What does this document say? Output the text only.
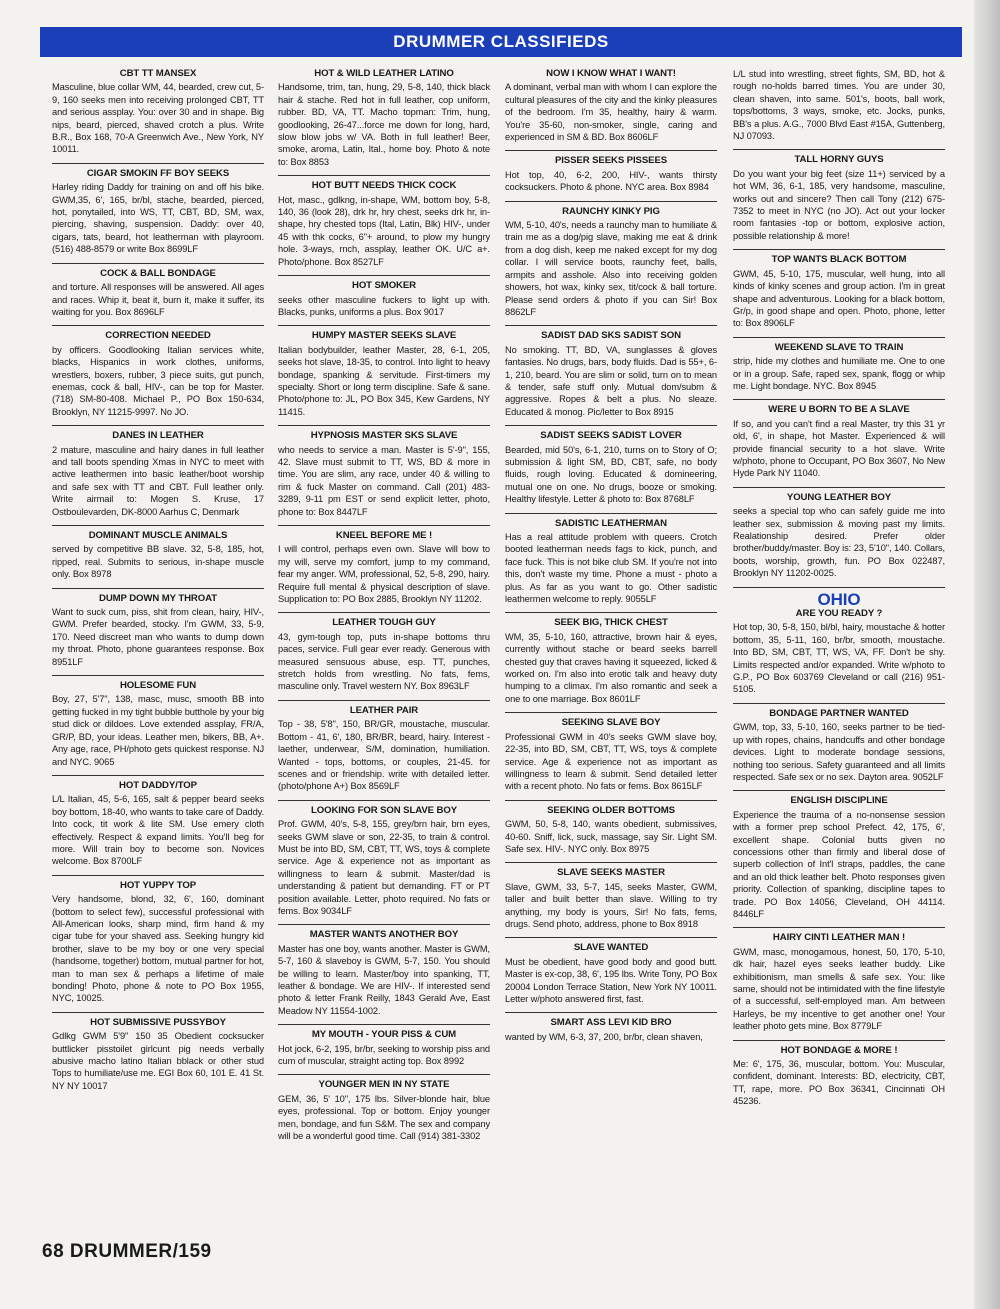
DRUMMER CLASSIFIEDS
CBT TT MANSEX
Masculine, blue collar WM, 44, bearded, crew cut, 5-9, 160 seeks men into receiving prolonged CBT, TT and serious assplay. You: over 30 and in shape. Big nips, beard, pierced, shaved crotch a plus. Write B.R., Box 168, 70-A Greenwich Ave., New York, NY 10011.
CIGAR SMOKIN FF BOY SEEKS
Harley riding Daddy for training on and off his bike. GWM,35, 6', 165, br/bl, stache, bearded, pierced, hot, ponytailed, into WS, TT, CBT, BD, SM, wax, piercing, shaving, suspension. Daddy: over 40, cigars, tats, beard, hot leatherman with playroom. (516) 488-8579 or write Box 8699LF
COCK & BALL BONDAGE
and torture. All responses will be answered. All ages and races. Whip it, beat it, burn it, make it suffer, its waiting for you. Box 8696LF
CORRECTION NEEDED
by officers. Goodlooking Italian services white, blacks, Hispanics in work clothes, uniforms, wrestlers, boxers, rubber, 3 piece suits, gut punch, enemas, cock & ball, HIV-, can be top for Master. (718) SM-80-408. Michael P., PO Box 150-634, Brooklyn, NY 11215-9997. No JO.
DANES IN LEATHER
2 mature, masculine and hairy danes in full leather and tall boots spending Xmas in NYC to meet with active leathermen into basic leather/boot worship and safe sex with TT and CBT. Full leather only. Write airmail to: Mogen S. Kruse, 17 Ostboulevarden, DK-8000 Aarhus C, Denmark
DOMINANT MUSCLE ANIMALS
served by competitive BB slave. 32, 5-8, 185, hot, ripped, real. Submits to serious, in-shape muscle only. Box 8978
DUMP DOWN MY THROAT
Want to suck cum, piss, shit from clean, hairy, HIV-, GWM. Prefer bearded, stocky. I'm GWM, 33, 5-9, 170. Need discreet man who wants to dump down my throat. Photo, phone guarantees response. Box 8951LF
HOLESOME FUN
Boy, 27, 5'7", 138, masc, musc, smooth BB into getting fucked in my tight bubble butthole by your big stud dick or dildoes. Love extended assplay, FR/A, GR/P, BD, your ideas. Leather men, bikers, BB, A+. Any age, race, PH/photo gets quickest response. NJ and NYC. 9065
HOT DADDY/TOP
L/L Italian, 45, 5-6, 165, salt & pepper beard seeks boy bottom, 18-40, who wants to take care of Daddy. Into cock, tit work & lite SM. Use emery cloth effectively. Respect & expand limits. You'll beg for more. Will train boy to become son. Novices welcome. Box 8700LF
HOT YUPPY TOP
Very handsome, blond, 32, 6', 160, dominant (bottom to select few), successful professional with All-American looks, sharp mind, firm hand & my cigar tube for your shaved ass. Seeking hungry kid brother, slave to be my boy or one very special (handsome, together) bottom, mutual partner for hot, man to man sex & perhaps a lifetime of male bonding! Photo, phone & note to PO Box 1955, NYC, 10025.
HOT SUBMISSIVE PUSSYBOY
Gdlkg GWM 5'9" 150 35 Obedient cocksucker buttlicker pisstoilet girlcunt pig needs verbally abusive macho latino Italian bblack or other stud Tops to humiliate/use me. EGI Box 60, 101 E. 41 St. NY NY 10017
HOT & WILD LEATHER LATINO
Handsome, trim, tan, hung, 29, 5-8, 140, thick black hair & stache. Red hot in full leather, cop uniform, rubber. BD, VA, TT. Macho topman: Trim, hung, goodlooking, 26-47...force me down for long, hard, slow blow jobs w/ VA. Both in full leather! Beer, smoke, aroma, Latin, Ital., home boy. Photo & note to: Box 8853
HOT BUTT NEEDS THICK COCK
Hot, masc., gdlkng, in-shape, WM, bottom boy, 5-8, 140, 36 (look 28), drk hr, hry chest, seeks drk hr, in-shape, hry chested tops (Ital, Latin, Blk) HIV-, under 45 with thk cocks, 6"+ around, to plow my hungry hole. 3-ways, rnch, assplay, leather OK. U/C a+. Photo/phone. Box 8527LF
HOT SMOKER
seeks other masculine fuckers to light up with. Blacks, punks, uniforms a plus. Box 9017
HUMPY MASTER SEEKS SLAVE
Italian bodybuilder, leather Master, 28, 6-1, 205, seeks hot slave, 18-35, to control. Into light to heavy bondage, spanking & servitude. First-timers my specialty. Short or long term discipline. Safe & sane. Photo/phone to: JL, PO Box 345, Kew Gardens, NY 11415.
HYPNOSIS MASTER SKS SLAVE
who needs to service a man. Master is 5'-9", 155, 42. Slave must submit to TT, WS, BD & more in time. You are slim, any race, under 40 & willing to rim & fuck Master on command. Call (201) 483-3289, 9-11 pm EST or send explicit letter, photo, phone to: Box 8447LF
KNEEL BEFORE ME !
I will control, perhaps even own. Slave will bow to my will, serve my comfort, jump to my command, fear my anger. WM, professional, 52, 5-8, 290, hairy. Require full mental & physical description of slave. Supplication to: PO Box 2885, Brooklyn NY 11202.
LEATHER TOUGH GUY
43, gym-tough top, puts in-shape bottoms thru paces, service. Full gear ever ready. Generous with measured sensuous abuse, esp. TT, punches, stretch holds from wrestling. No fats, fems, masculine only. Travel western NY. Box 8963LF
LEATHER PAIR
Top - 38, 5'8", 150, BR/GR, moustache, muscular. Bottom - 41, 6', 180, BR/BR, beard, hairy. Interest - laether, underwear, S/M, domination, humiliation. Wanted - tops, bottoms, or couples, 21-45. for scenes and or friendship. write with detailed letter. (photo/phone A+) Box 8569LF
LOOKING FOR SON SLAVE BOY
Prof. GWM, 40's, 5-8, 155, grey/brn hair, brn eyes, seeks GWM slave or son, 22-35, to train & control. Must be into BD, SM, CBT, TT, WS, toys & complete service. Age & experience not as important as willingness to learn & submit. Master/dad is understanding & patient but demanding. FT or PT position available. Letter, photo required. No fats or fems. Box 9034LF
MASTER WANTS ANOTHER BOY
Master has one boy, wants another. Master is GWM, 5-7, 160 & slaveboy is GWM, 5-7, 150. You should be willing to learn. Master/boy into spanking, TT, leather & bondage. We are HIV-. If interested send photo & letter Frank Reilly, 1843 Gerald Ave, East Meadow NY 11554-1002.
MY MOUTH - YOUR PISS & CUM
Hot jock, 6-2, 195, br/br, seeking to worship piss and cum of muscular, straight acting top. Box 8992
YOUNGER MEN IN NY STATE
GEM, 36, 5' 10", 175 lbs. Silver-blonde hair, blue eyes, professional. Top or bottom. Enjoy younger men, bondage, and fun S&M. The sex and company will be a wonderful good time. Call (914) 381-3302
NOW I KNOW WHAT I WANT!
A dominant, verbal man with whom I can explore the cultural pleasures of the city and the kinky pleasures of the bedroom. I'm 35, healthy, hairy & warm. You're 35-60, non-smoker, single, caring and experienced in SM & BD. Box 8606LF
PISSER SEEKS PISSEES
Hot top, 40, 6-2, 200, HIV-, wants thirsty cocksuckers. Photo & phone. NYC area. Box 8984
RAUNCHY KINKY PIG
WM, 5-10, 40's, needs a raunchy man to humiliate & train me as a dog/pig slave, making me eat & drink from a dog dish, keep me naked except for my dog collar. I will service boots, raunchy feet, balls, armpits and asshole. Also into receiving golden showers, hot wax, kinky sex, tit/cock & ball torture. Please send orders & photo if you can Sir! Box 8862LF
SADIST DAD SKS SADIST SON
No smoking. TT, BD, VA, sunglasses & gloves fantasies. No drugs, bars, body fluids. Dad is 55+, 6-1, 210, beard. You are slim or solid, turn on to mean & tender, safe stuff only. Mutual dom/subm & aggressive. Ropes & belt a plus. No sleaze. Educated & monog. Pic/letter to Box 8915
SADIST SEEKS SADIST LOVER
Bearded, mid 50's, 6-1, 210, turns on to Story of O; submission & light SM, BD, CBT, safe, no body fluids, rough loving. Educated & domineering, mutual one on one. No drugs, booze or smoking. Healthy lifestyle. Letter & photo to: Box 8768LF
SADISTIC LEATHERMAN
Has a real attitude problem with queers. Crotch booted leatherman needs fags to kick, punch, and face fuck. This is not bike club SM. If you're not into this, don't waste my time. Phone a must - photo a plus. As far as you want to go. Other sadistic leathermen welcome to reply. 9055LF
SEEK BIG, THICK CHEST
WM, 35, 5-10, 160, attractive, brown hair & eyes, currently without stache or beard seeks barrell chested guy that craves having it squeezed, licked & worked on. I'm also into erotic talk and heavy duty humping to a climax. I'm also romantic and seek a one to one marriage. Box 8601LF
SEEKING SLAVE BOY
Professional GWM in 40's seeks GWM slave boy, 22-35, into BD, SM, CBT, TT, WS, toys & complete service. Age & experience not as important as willingness to learn & submit. Send detailed letter with a recent photo. No fats or fems. Box 8615LF
SEEKING OLDER BOTTOMS
GWM, 50, 5-8, 140, wants obedient, submissives, 40-60. Sniff, lick, suck, massage, say Sir. Light SM. Safe sex. HIV-. NYC only. Box 8975
SLAVE SEEKS MASTER
Slave, GWM, 33, 5-7, 145, seeks Master, GWM, taller and built better than slave. Willing to try anything, my body is yours, Sir! No fats, fems, drugs. Send photo, address, phone to Box 8918
SLAVE WANTED
Must be obedient, have good body and good butt. Master is ex-cop, 38, 6', 195 lbs. Write Tony, PO Box 20004 London Terrace Station, New York NY 10011. Letter w/photo answered first, fast.
SMART ASS LEVI KID BRO
wanted by WM, 6-3, 37, 200, br/br, clean shaven,
L/L stud into wrestling, street fights, SM, BD, hot & rough no-holds barred times. You are under 30, clean shaven, into same. 501's, boots, ball work, tops/bottoms, 3 ways, smoke, etc. Jocks, punks, BB's a plus. A.G., 7000 Blvd East #15A, Guttenberg, NJ 07093.
TALL HORNY GUYS
Do you want your big feet (size 11+) serviced by a hot WM, 36, 6-1, 185, very handsome, masculine, works out and sincere? Then call Tony (212) 675-7352 to meet in NYC (no JO). Act out your locker room fantasies -top or bottom, explosive action, possible relationship & more!
TOP WANTS BLACK BOTTOM
GWM, 45, 5-10, 175, muscular, well hung, into all kinds of kinky scenes and group action. I'm in great shape and adventurous. Looking for a black bottom, Gr/p, in good shape and open. Photo, phone, letter to: Box 8906LF
WEEKEND SLAVE TO TRAIN
strip, hide my clothes and humiliate me. One to one or in a group. Safe, raped sex, spank, flogg or whip me. Light bondage. NYC. Box 8945
WERE U BORN TO BE A SLAVE
If so, and you can't find a real Master, try this 31 yr old, 6', in shape, hot Master. Experienced & will provide financial security to a hot slave. Write w/photo, phone to Occupant, PO Box 3607, No New Hyde Park NY 11040.
YOUNG LEATHER BOY
seeks a special top who can safely guide me into leather sex, submission & moving past my limits. Realationship desired. Prefer older brother/buddy/master. Boy is: 23, 5'10", 140. Collars, boots, worship, growth, fun. PO Box 022487, Brooklyn NY 11202-0025.
OHIO
ARE YOU READY ?
Hot top, 30, 5-8, 150, bl/bl, hairy, moustache & hotter bottom, 35, 5-11, 160, br/br, smooth, moustache. Into BD, SM, CBT, TT, WS, VA, FF. Don't be shy. Limits respected and/or expanded. Write w/photo to G.P., PO Box 603769 Cleveland or call (216) 951-5105.
BONDAGE PARTNER WANTED
GWM, top, 33, 5-10, 160, seeks partner to be tied-up with ropes, chains, handcuffs and other bondage devices. Light to moderate bondage sessions, nothing too serious. Safety guaranteed and all limits respected. Safe sex or no sex. Dayton area. 9052LF
ENGLISH DISCIPLINE
Experience the trauma of a no-nonsense session with a former prep school Prefect. 42, 175, 6', excellent shape. Colonial butts given no concessions other than firmly and liberal dose of superb collection of Int'l straps, paddles, the cane and an old thick leather belt. Photo responses given priority. Collection of spanking, discipline tapes to trade. PO Box 14056, Cleveland, OH 44114. 8446LF
HAIRY CINTI LEATHER MAN !
GWM, masc, monogamous, honest, 50, 170, 5-10, dk hair, hazel eyes seeks leather buddy. Like exhibitionism, man smells & safe sex. You: like same, should not be intimidated with the fine lifestyle of a successful, self-employed man. Am between Harleys, be my incentive to get another one! Your leather photo gets mine. Box 8779LF
HOT BONDAGE & MORE !
Me: 6', 175, 36, muscular, bottom. You: Muscular, confident, dominant. Interests: BD, electricity, CBT, TT, rape, more. PO Box 36341, Cincinnati OH 45236.
68 DRUMMER/159
